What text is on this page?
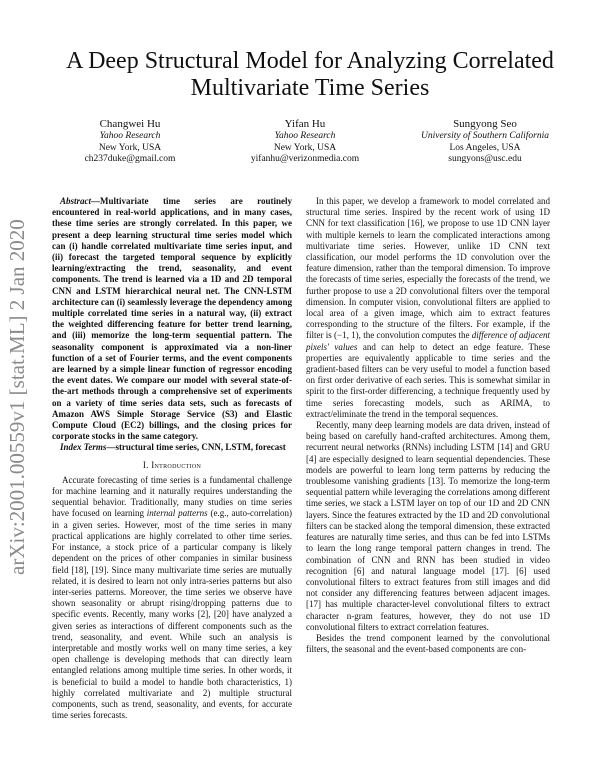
arXiv:2001.00559v1 [stat.ML] 2 Jan 2020
A Deep Structural Model for Analyzing Correlated Multivariate Time Series
Changwei Hu
Yahoo Research
New York, USA
ch237duke@gmail.com
Yifan Hu
Yahoo Research
New York, USA
yifanhu@verizonmedia.com
Sungyong Seo
University of Southern California
Los Angeles, USA
sungyons@usc.edu

Abstract—Multivariate time series are routinely encountered in real-world applications, and in many cases, these time series are strongly correlated. In this paper, we present a deep learning structural time series model which can (i) handle correlated multivariate time series input, and (ii) forecast the targeted temporal sequence by explicitly learning/extracting the trend, seasonality, and event components. The trend is learned via a 1D and 2D temporal CNN and LSTM hierarchical neural net. The CNN-LSTM architecture can (i) seamlessly leverage the dependency among multiple correlated time series in a natural way, (ii) extract the weighted differencing feature for better trend learning, and (iii) memorize the long-term sequential pattern. The seasonality component is approximated via a non-liner function of a set of Fourier terms, and the event components are learned by a simple linear function of regressor encoding the event dates. We compare our model with several state-of-the-art methods through a comprehensive set of experiments on a variety of time series data sets, such as forecasts of Amazon AWS Simple Storage Service (S3) and Elastic Compute Cloud (EC2) billings, and the closing prices for corporate stocks in the same category.

Index Terms—structural time series, CNN, LSTM, forecast

I. Introduction

Accurate forecasting of time series is a fundamental challenge for machine learning and it naturally requires understanding the sequential behavior. Traditionally, many studies on time series have focused on learning internal patterns (e.g., auto-correlation) in a given series. However, most of the time series in many practical applications are highly correlated to other time series. For instance, a stock price of a particular company is likely dependent on the prices of other companies in similar business field [18], [19]. Since many multivariate time series are mutually related, it is desired to learn not only intra-series patterns but also inter-series patterns. Moreover, the time series we observe have shown seasonality or abrupt rising/dropping patterns due to specific events. Recently, many works [2], [20] have analyzed a given series as interactions of different components such as the trend, seasonality, and event. While such an analysis is interpretable and mostly works well on many time series, a key open challenge is developing methods that can directly learn entangled relations among multiple time series. In other words, it is beneficial to build a model to handle both characteristics, 1) highly correlated multivariate and 2) multiple structural components, such as trend, seasonality, and events, for accurate time series forecasts.

In this paper, we develop a framework to model correlated and structural time series. Inspired by the recent work of using 1D CNN for text classification [16], we propose to use 1D CNN layer with multiple kernels to learn the complicated interactions among multivariate time series. However, unlike 1D CNN text classification, our model performs the 1D convolution over the feature dimension, rather than the temporal dimension. To improve the forecasts of time series, especially the forecasts of the trend, we further propose to use a 2D convolutional filters over the temporal dimension. In computer vision, convolutional filters are applied to local area of a given image, which aim to extract features corresponding to the structure of the filters. For example, if the filter is (−1, 1), the convolution computes the difference of adjacent pixels' values and can help to detect an edge feature. These properties are equivalently applicable to time series and the gradient-based filters can be very useful to model a function based on first order derivative of each series. This is somewhat similar in spirit to the first-order differencing, a technique frequently used by time series forecasting models, such as ARIMA, to extract/eliminate the trend in the temporal sequences.

Recently, many deep learning models are data driven, instead of being based on carefully hand-crafted architectures. Among them, recurrent neural networks (RNNs) including LSTM [14] and GRU [4] are especially designed to learn sequential dependencies. These models are powerful to learn long term patterns by reducing the troublesome vanishing gradients [13]. To memorize the long-term sequential pattern while leveraging the correlations among different time series, we stack a LSTM layer on top of our 1D and 2D CNN layers. Since the features extracted by the 1D and 2D convolutional filters can be stacked along the temporal dimension, these extracted features are naturally time series, and thus can be fed into LSTMs to learn the long range temporal pattern changes in trend. The combination of CNN and RNN has been studied in video recognition [6] and natural language model [17]. [6] used convolutional filters to extract features from still images and did not consider any differencing features between adjacent images. [17] has multiple character-level convolutional filters to extract character n-gram features, however, they do not use 1D convolutional filters to extract correlation features.

Besides the trend component learned by the convolutional filters, the seasonal and the event-based components are con-
